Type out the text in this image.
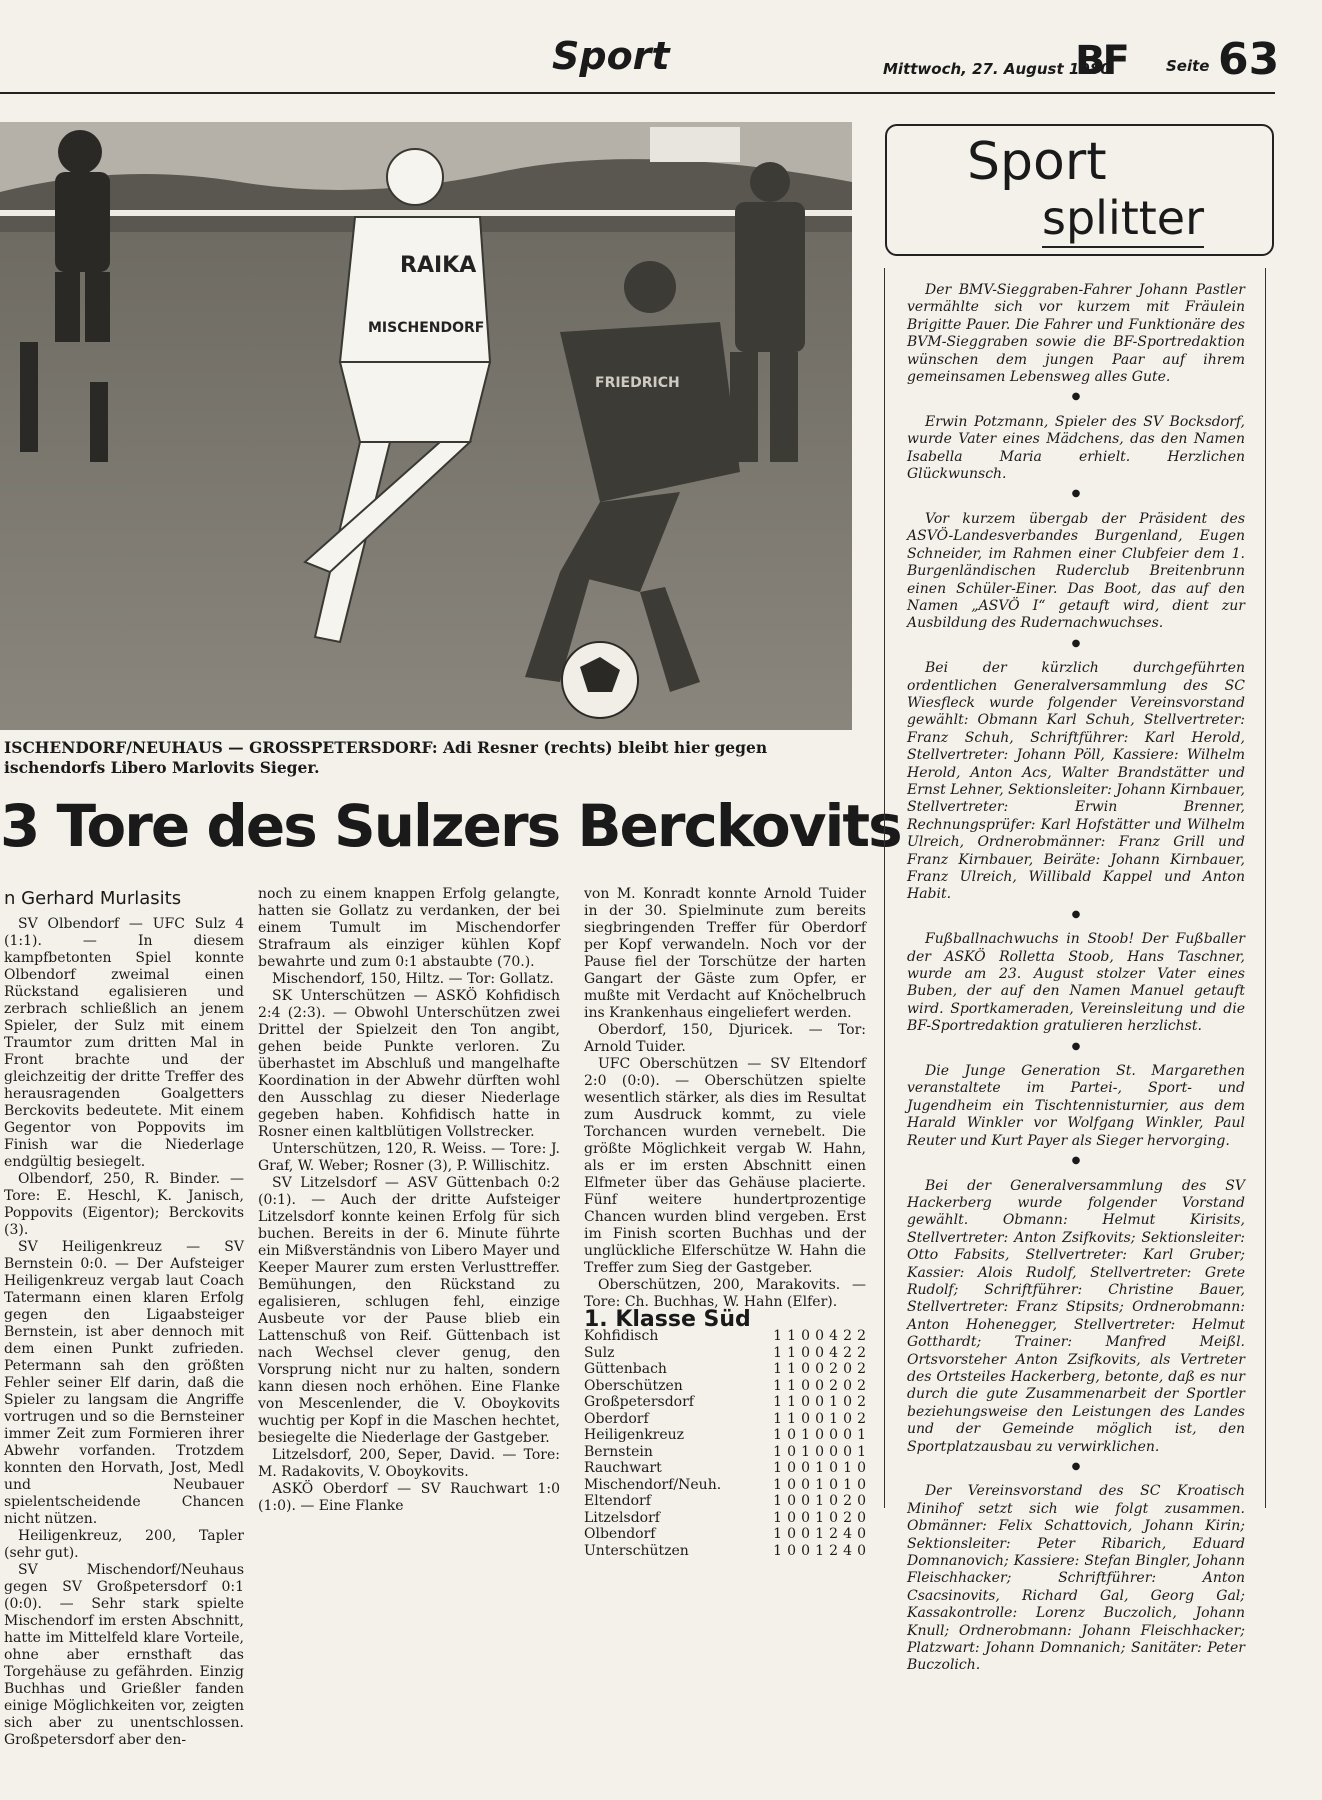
Sport	Mittwoch, 27. August 1980
BF	Seite 63
RAIKA
MISCHENDORF
FRIEDRICH
ISCHENDORF/NEUHAUS — GROSSPETERSDORF: Adi Resner (rechts) bleibt hier gegen ischendorfs Libero Marlovits Sieger.
3 Tore des Sulzers Berckovits
n Gerhard Murlasits

SV Olbendorf — UFC Sulz 4 (1:1). — In diesem kampfbetonten Spiel konnte Olbendorf zweimal einen Rückstand egalisieren und zerbrach schließlich an jenem Spieler, der Sulz mit einem Traumtor zum dritten Mal in Front brachte und der gleichzeitig der dritte Treffer des herausragenden Goalgetters Berckovits bedeutete. Mit einem Gegentor von Poppovits im Finish war die Niederlage endgültig besiegelt.

Olbendorf, 250, R. Binder. — Tore: E. Heschl, K. Janisch, Poppovits (Eigentor); Berckovits (3).

SV Heiligenkreuz — SV Bernstein 0:0. — Der Aufsteiger Heiligenkreuz vergab laut Coach Tatermann einen klaren Erfolg gegen den Ligaabsteiger Bernstein, ist aber dennoch mit dem einen Punkt zufrieden. Petermann sah den größten Fehler seiner Elf darin, daß die Spieler zu langsam die Angriffe vortrugen und so die Bernsteiner immer Zeit zum Formieren ihrer Abwehr vorfanden. Trotzdem konnten den Horvath, Jost, Medl und Neubauer spielentscheidende Chancen nicht nützen.

Heiligenkreuz, 200, Tapler (sehr gut).

SV Mischendorf/Neuhaus gegen SV Großpetersdorf 0:1 (0:0). — Sehr stark spielte Mischendorf im ersten Abschnitt, hatte im Mittelfeld klare Vorteile, ohne aber ernsthaft das Torgehäuse zu gefährden. Einzig Buchhas und Grießler fanden einige Möglichkeiten vor, zeigten sich aber zu unentschlossen. Großpetersdorf aber den-

noch zu einem knappen Erfolg gelangte, hatten sie Gollatz zu verdanken, der bei einem Tumult im Mischendorfer Strafraum als einziger kühlen Kopf bewahrte und zum 0:1 abstaubte (70.).

Mischendorf, 150, Hiltz. — Tor: Gollatz.

SK Unterschützen — ASKÖ Kohfidisch 2:4 (2:3). — Obwohl Unterschützen zwei Drittel der Spielzeit den Ton angibt, gehen beide Punkte verloren. Zu überhastet im Abschluß und mangelhafte Koordination in der Abwehr dürften wohl den Ausschlag zu dieser Niederlage gegeben haben. Kohfidisch hatte in Rosner einen kaltblütigen Vollstrecker.

Unterschützen, 120, R. Weiss. — Tore: J. Graf, W. Weber; Rosner (3), P. Willischitz.

SV Litzelsdorf — ASV Güttenbach 0:2 (0:1). — Auch der dritte Aufsteiger Litzelsdorf konnte keinen Erfolg für sich buchen. Bereits in der 6. Minute führte ein Mißverständnis von Libero Mayer und Keeper Maurer zum ersten Verlusttreffer. Bemühungen, den Rückstand zu egalisieren, schlugen fehl, einzige Ausbeute vor der Pause blieb ein Lattenschuß von Reif. Güttenbach ist nach Wechsel clever genug, den Vorsprung nicht nur zu halten, sondern kann diesen noch erhöhen. Eine Flanke von Mescenlender, die V. Oboykovits wuchtig per Kopf in die Maschen hechtet, besiegelte die Niederlage der Gastgeber.

Litzelsdorf, 200, Seper, David. — Tore: M. Radakovits, V. Oboykovits.

ASKÖ Oberdorf — SV Rauchwart 1:0 (1:0). — Eine Flanke

von M. Konradt konnte Arnold Tuider in der 30. Spielminute zum bereits siegbringenden Treffer für Oberdorf per Kopf verwandeln. Noch vor der Pause fiel der Torschütze der harten Gangart der Gäste zum Opfer, er mußte mit Verdacht auf Knöchelbruch ins Krankenhaus eingeliefert werden.

Oberdorf, 150, Djuricek. — Tor: Arnold Tuider.

UFC Oberschützen — SV Eltendorf 2:0 (0:0). — Oberschützen spielte wesentlich stärker, als dies im Resultat zum Ausdruck kommt, zu viele Torchancen wurden vernebelt. Die größte Möglichkeit vergab W. Hahn, als er im ersten Abschnitt einen Elfmeter über das Gehäuse placierte. Fünf weitere hundertprozentige Chancen wurden blind vergeben. Erst im Finish scorten Buchhas und der unglückliche Elferschütze W. Hahn die Treffer zum Sieg der Gastgeber.

Oberschützen, 200, Marakovits. — Tore: Ch. Buchhas, W. Hahn (Elfer).

1. Klasse Süd

Kohfidisch	1	1	0	0	4	2	2
Sulz	1	1	0	0	4	2	2
Güttenbach	1	1	0	0	2	0	2
Oberschützen	1	1	0	0	2	0	2
Großpetersdorf	1	1	0	0	1	0	2
Oberdorf	1	1	0	0	1	0	2
Heiligenkreuz	1	0	1	0	0	0	1
Bernstein	1	0	1	0	0	0	1
Rauchwart	1	0	0	1	0	1	0
Mischendorf/Neuh.	1	0	0	1	0	1	0
Eltendorf	1	0	0	1	0	2	0
Litzelsdorf	1	0	0	1	0	2	0
Olbendorf	1	0	0	1	2	4	0
Unterschützen	1	0	0	1	2	4	0
Sport
splitter

Der BMV-Sieggraben-Fahrer Johann Pastler vermählte sich vor kurzem mit Fräulein Brigitte Pauer. Die Fahrer und Funktionäre des BVM-Sieggraben sowie die BF-Sportredaktion wünschen dem jungen Paar auf ihrem gemeinsamen Lebensweg alles Gute.

●

Erwin Potzmann, Spieler des SV Bocksdorf, wurde Vater eines Mädchens, das den Namen Isabella Maria erhielt. Herzlichen Glückwunsch.

●

Vor kurzem übergab der Präsident des ASVÖ-Landesverbandes Burgenland, Eugen Schneider, im Rahmen einer Clubfeier dem 1. Burgenländischen Ruderclub Breitenbrunn einen Schüler-Einer. Das Boot, das auf den Namen „ASVÖ I“ getauft wird, dient zur Ausbildung des Rudernachwuchses.

●

Bei der kürzlich durchgeführten ordentlichen Generalversammlung des SC Wiesfleck wurde folgender Vereinsvorstand gewählt: Obmann Karl Schuh, Stellvertreter: Franz Schuh, Schriftführer: Karl Herold, Stellvertreter: Johann Pöll, Kassiere: Wilhelm Herold, Anton Acs, Walter Brandstätter und Ernst Lehner, Sektionsleiter: Johann Kirnbauer, Stellvertreter: Erwin Brenner, Rechnungsprüfer: Karl Hofstätter und Wilhelm Ulreich, Ordnerobmänner: Franz Grill und Franz Kirnbauer, Beiräte: Johann Kirnbauer, Franz Ulreich, Willibald Kappel und Anton Habit.

●

Fußballnachwuchs in Stoob! Der Fußballer der ASKÖ Rolletta Stoob, Hans Taschner, wurde am 23. August stolzer Vater eines Buben, der auf den Namen Manuel getauft wird. Sportkameraden, Vereinsleitung und die BF-Sportredaktion gratulieren herzlichst.

●

Die Junge Generation St. Margarethen veranstaltete im Partei-, Sport- und Jugendheim ein Tischtennisturnier, aus dem Harald Winkler vor Wolfgang Winkler, Paul Reuter und Kurt Payer als Sieger hervorging.

●

Bei der Generalversammlung des SV Hackerberg wurde folgender Vorstand gewählt. Obmann: Helmut Kirisits, Stellvertreter: Anton Zsifkovits; Sektionsleiter: Otto Fabsits, Stellvertreter: Karl Gruber; Kassier: Alois Rudolf, Stellvertreter: Grete Rudolf; Schriftführer: Christine Bauer, Stellvertreter: Franz Stipsits; Ordnerobmann: Anton Hohenegger, Stellvertreter: Helmut Gotthardt; Trainer: Manfred Meißl. Ortsvorsteher Anton Zsifkovits, als Vertreter des Ortsteiles Hackerberg, betonte, daß es nur durch die gute Zusammenarbeit der Sportler beziehungsweise den Leistungen des Landes und der Gemeinde möglich ist, den Sportplatzausbau zu verwirklichen.

●

Der Vereinsvorstand des SC Kroatisch Minihof setzt sich wie folgt zusammen. Obmänner: Felix Schattovich, Johann Kirin; Sektionsleiter: Peter Ribarich, Eduard Domnanovich; Kassiere: Stefan Bingler, Johann Fleischhacker; Schriftführer: Anton Csacsinovits, Richard Gal, Georg Gal; Kassakontrolle: Lorenz Buczolich, Johann Knull; Ordnerobmann: Johann Fleischhacker; Platzwart: Johann Domnanich; Sanitäter: Peter Buczolich.
